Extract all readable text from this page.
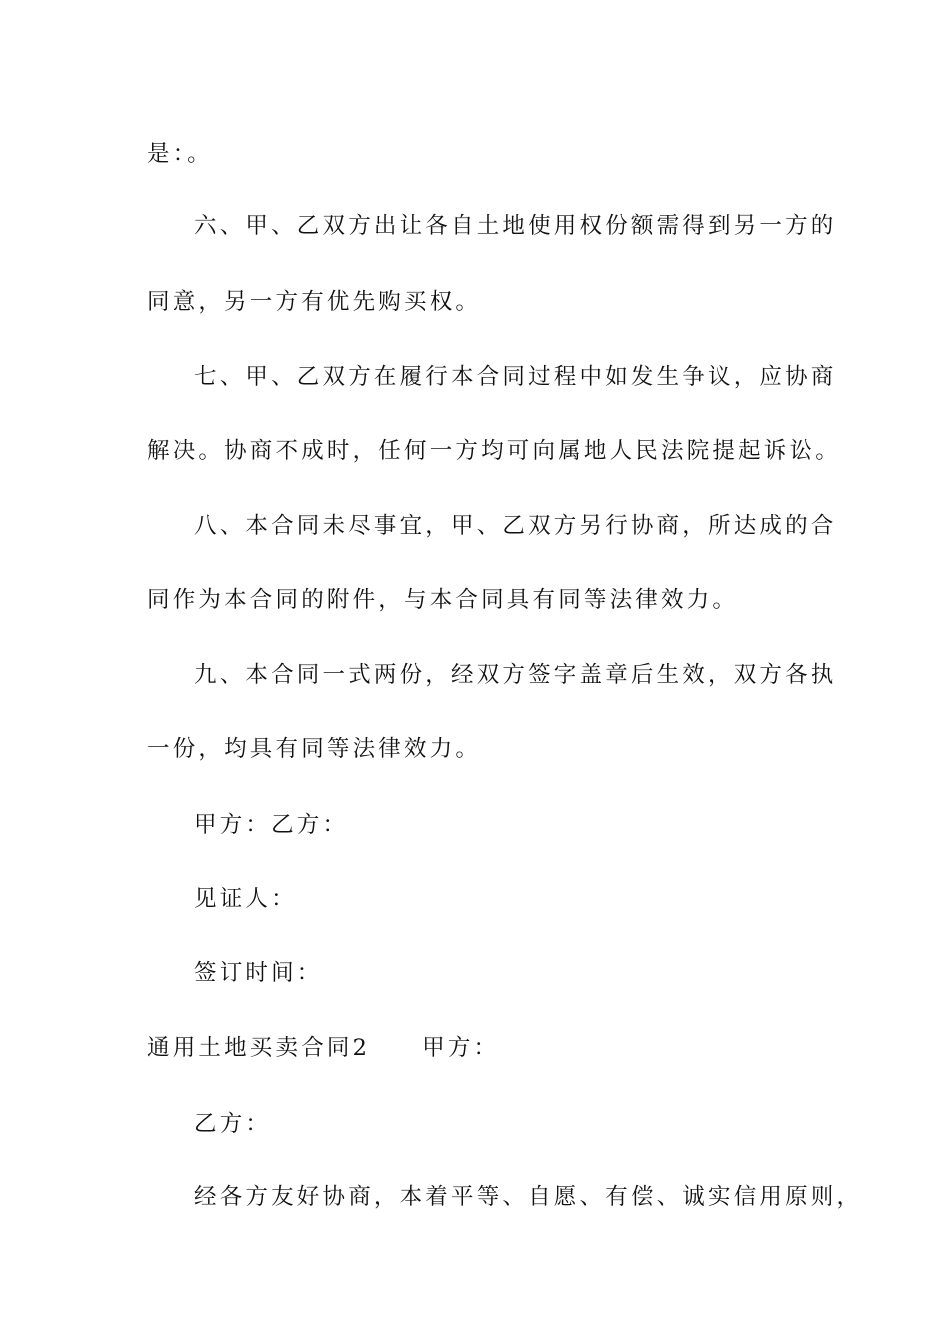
是：。
六、甲、乙双方出让各自土地使用权份额需得到另一方的
同意，另一方有优先购买权。
七、甲、乙双方在履行本合同过程中如发生争议，应协商
解决。协商不成时，任何一方均可向属地人民法院提起诉讼。
八、本合同未尽事宜，甲、乙双方另行协商，所达成的合
同作为本合同的附件，与本合同具有同等法律效力。
九、本合同一式两份，经双方签字盖章后生效，双方各执
一份，均具有同等法律效力。
甲方：乙方：
见证人：
签订时间：
通用土地买卖合同2 甲方：
乙方：
经各方友好协商，本着平等、自愿、有偿、诚实信用原则，
